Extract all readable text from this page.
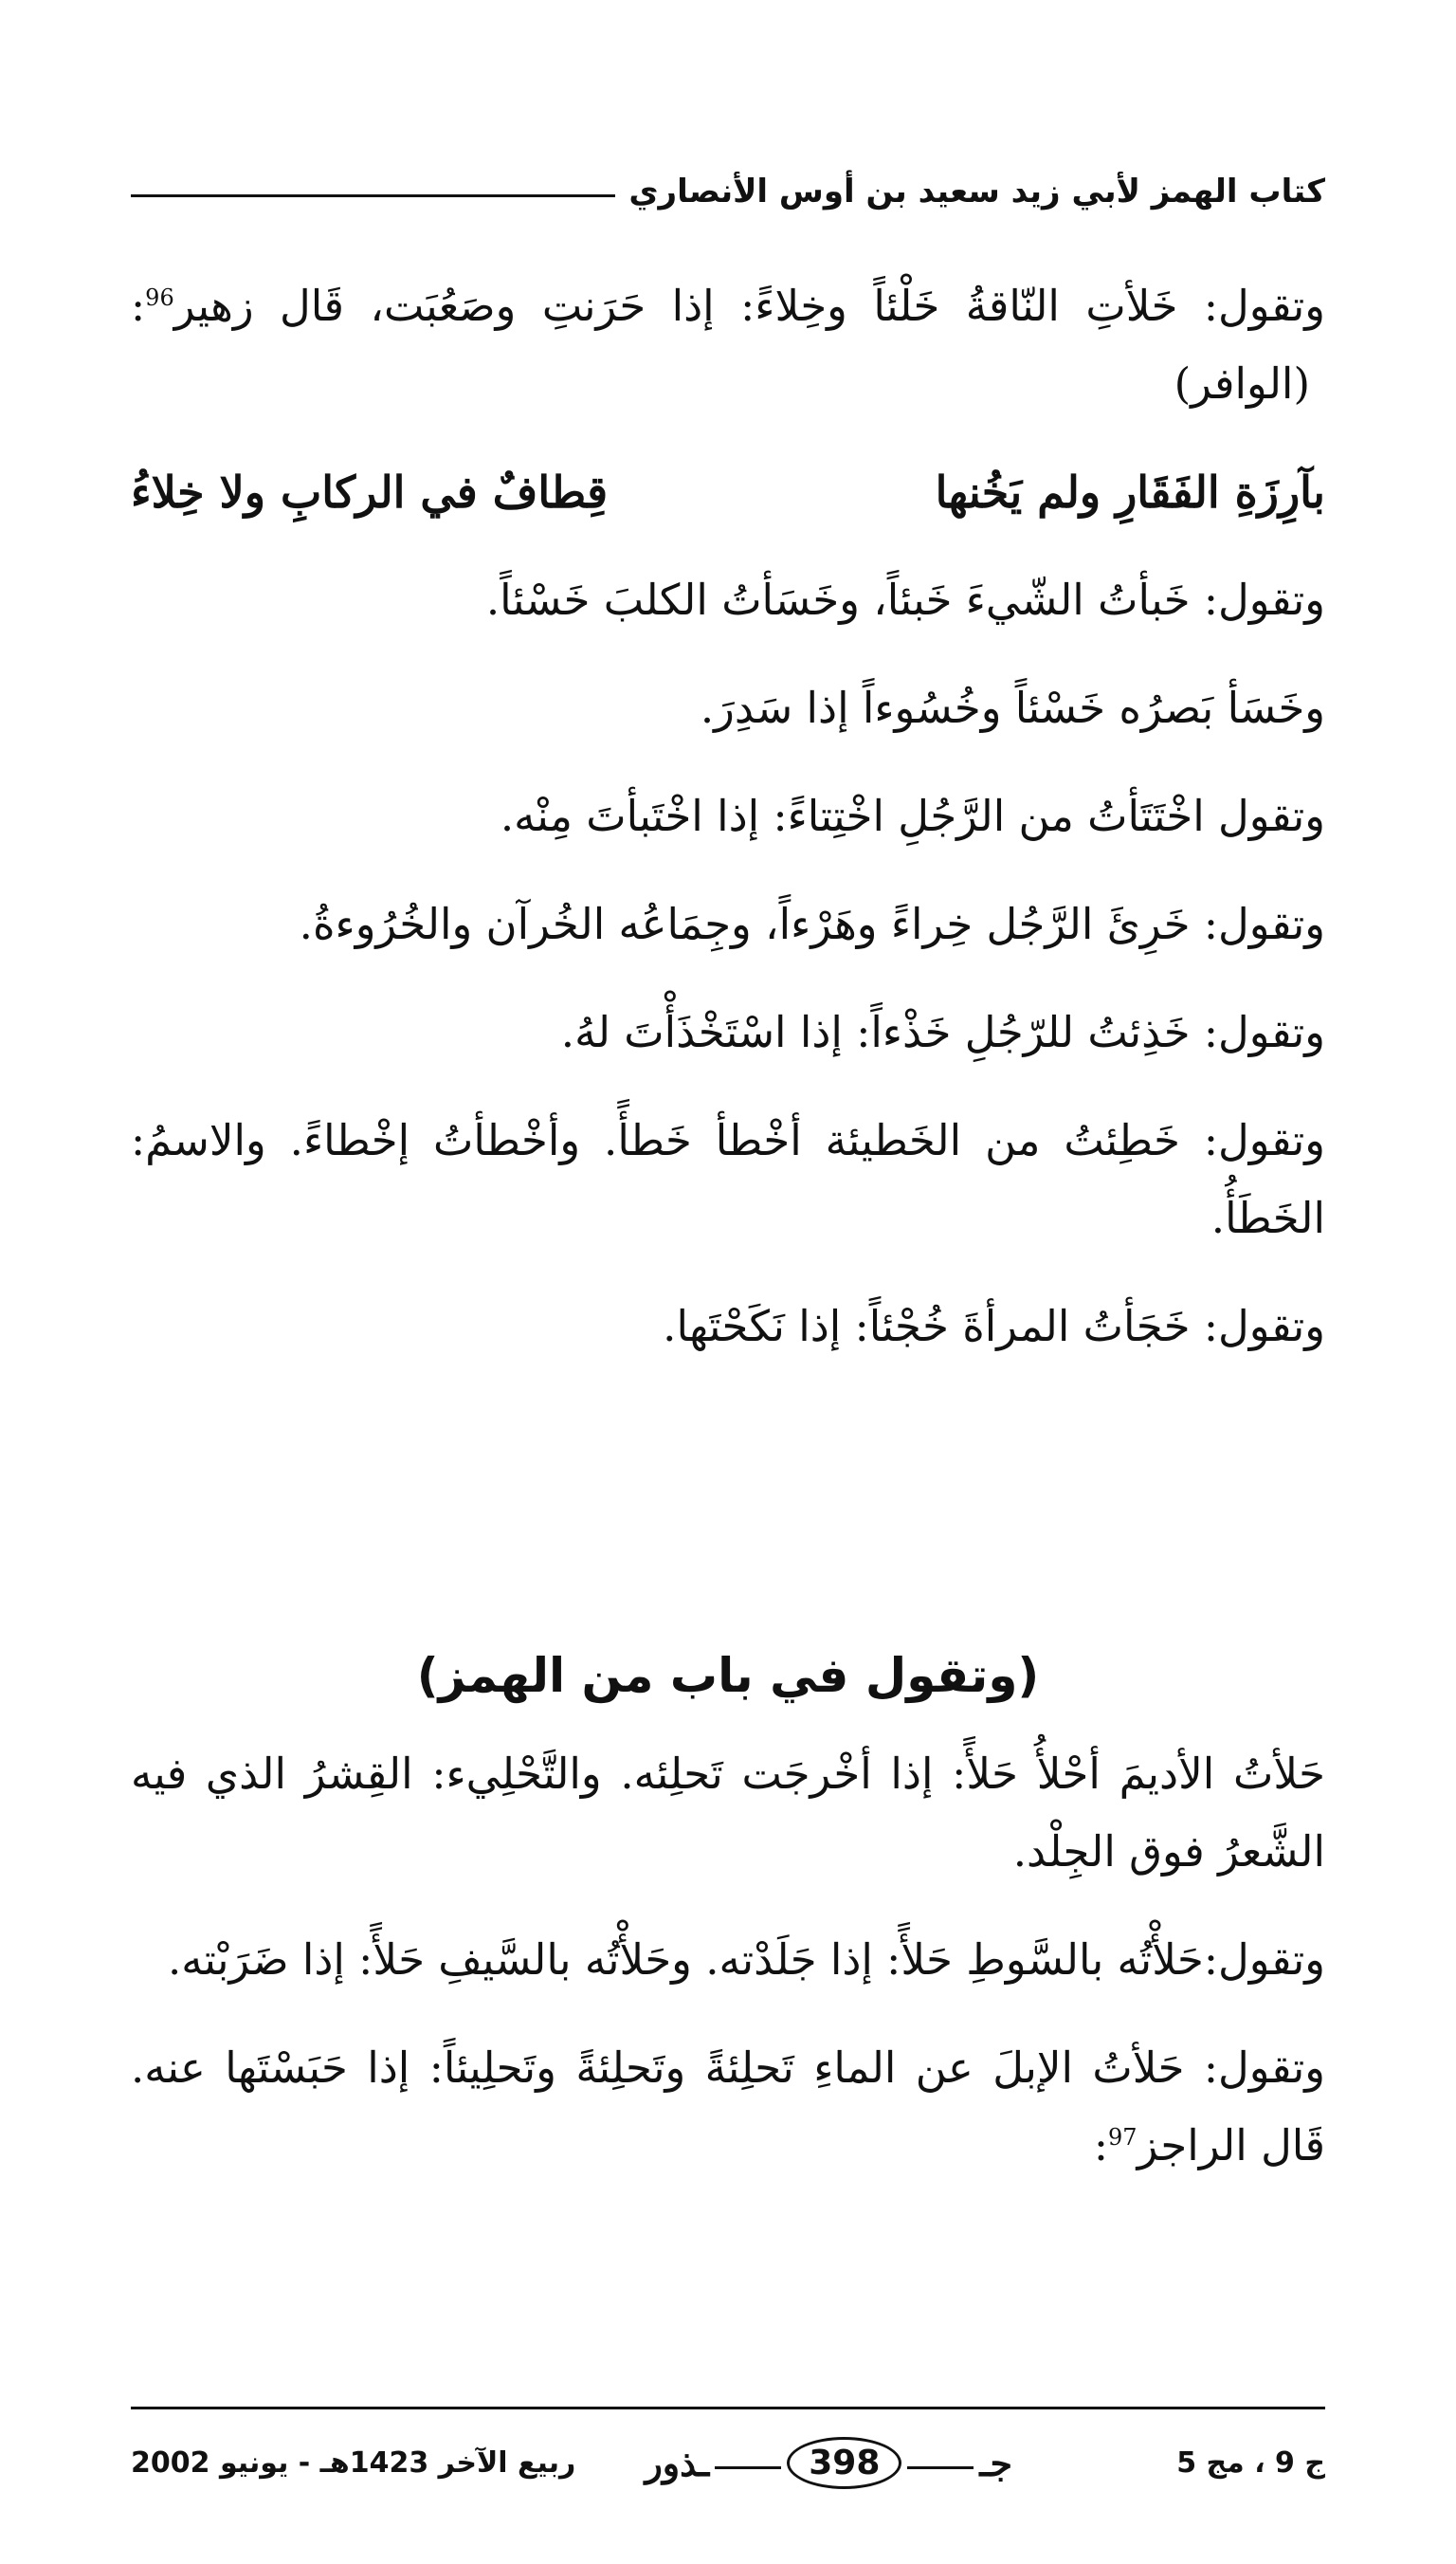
كتاب الهمز لأبي زيد سعيد بن أوس الأنصاري

وتقول: خَلأتِ النّاقةُ خَلْئاً وخِلاءً: إذا حَرَنتِ وصَعُبَت، قَال زهير$^{96}$: (الوافر)

بآرِزَةِ الفَقَارِ ولم يَخُنها
قِطافٌ في الركابِ ولا خِلاءُ

وتقول: خَبأتُ الشّيءَ خَبئاً، وخَسَأتُ الكلبَ خَسْئاً.

وخَسَأ بَصرُه خَسْئاً وخُسُوءاً إذا سَدِرَ.

وتقول اخْتَتَأتُ من الرَّجُلِ اخْتِتاءً: إذا اخْتَبأتَ مِنْه.

وتقول: خَرِئَ الرَّجُل خِراءً وهَرْءاً، وجِمَاعُه الخُرآن والخُرُوءةُ.

وتقول: خَذِئتُ للرّجُلِ خَذْءاً: إذا اسْتَخْذَأْتَ لهُ.

وتقول: خَطِئتُ من الخَطيئة أخْطأ خَطأً. وأخْطأتُ إخْطاءً. والاسمُ: الخَطَأُ.

وتقول: خَجَأتُ المرأةَ خُجْئاً: إذا نَكَحْتَها.

(وتقول في باب من الهمز)

حَلأتُ الأديمَ أحْلأُ حَلأً: إذا أخْرجَت تَحلِئه. والتَّحْلِيء: القِشرُ الذي فيه الشَّعرُ فوق الجِلْد.

وتقول:حَلأْتُه بالسَّوطِ حَلأً: إذا جَلَدْته. وحَلأْتُه بالسَّيفِ حَلأً: إذا ضَرَبْته.

وتقول: حَلأتُ الإبلَ عن الماءِ تَحلِئةً وتَحلِئةً وتَحلِيئاً: إذا حَبَسْتَها عنه. قَال الراجز$^{97}$:

ج 9 ، مج 5
جـ
398
ـذور
ربيع الآخر 1423هـ - يونيو 2002
